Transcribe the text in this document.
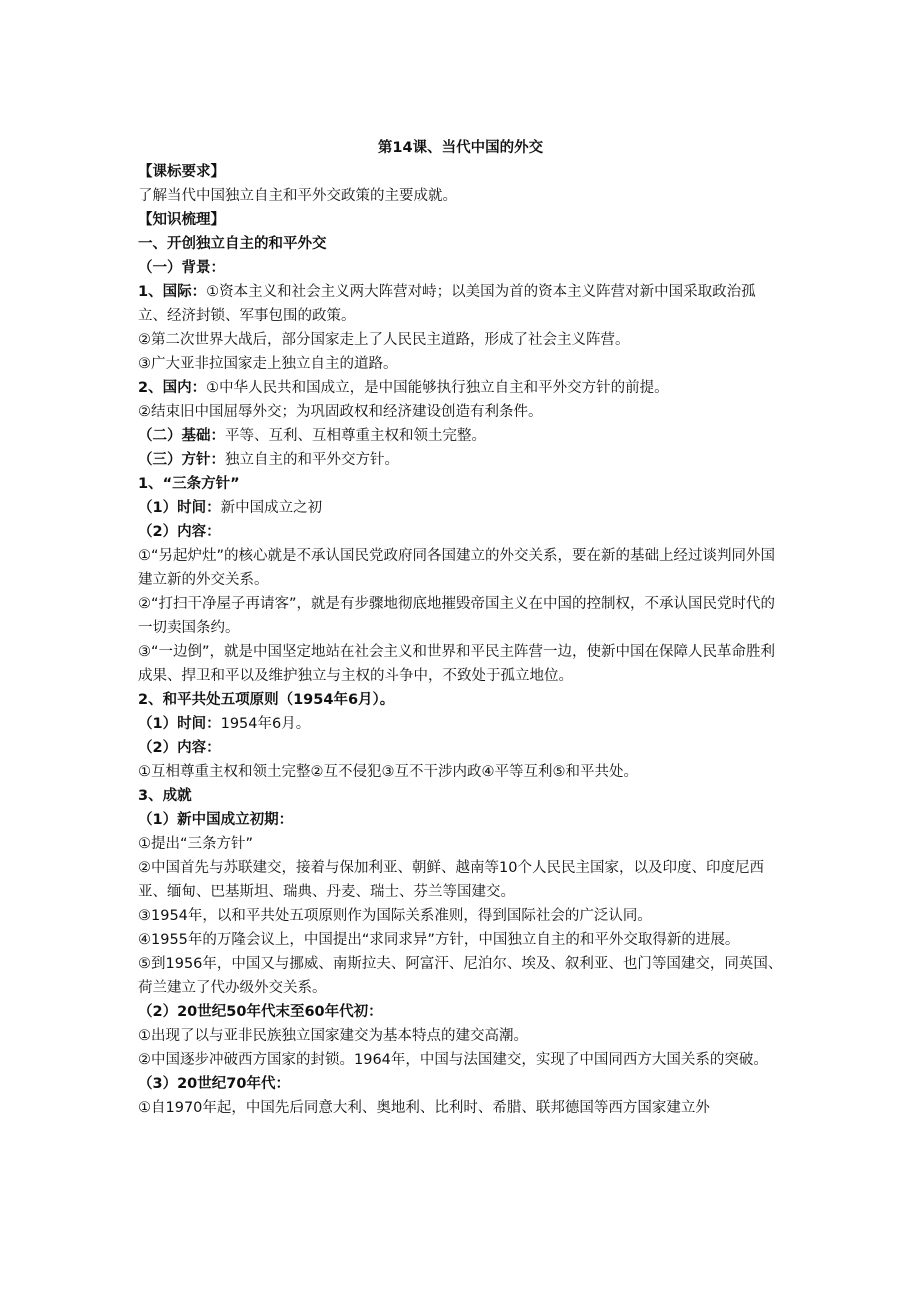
第14课、当代中国的外交
【课标要求】
了解当代中国独立自主和平外交政策的主要成就。
【知识梳理】
一、开创独立自主的和平外交
（一）背景：
1、国际：①资本主义和社会主义两大阵营对峙；以美国为首的资本主义阵营对新中国采取政治孤立、经济封锁、军事包围的政策。
②第二次世界大战后，部分国家走上了人民民主道路，形成了社会主义阵营。
③广大亚非拉国家走上独立自主的道路。
2、国内：①中华人民共和国成立，是中国能够执行独立自主和平外交方针的前提。
②结束旧中国屈辱外交；为巩固政权和经济建设创造有利条件。
（二）基础：平等、互利、互相尊重主权和领土完整。
（三）方针：独立自主的和平外交方针。
1、“三条方针”
（1）时间：新中国成立之初
（2）内容：
①“另起炉灶”的核心就是不承认国民党政府同各国建立的外交关系，要在新的基础上经过谈判同外国建立新的外交关系。
②“打扫干净屋子再请客”，就是有步骤地彻底地摧毁帝国主义在中国的控制权，不承认国民党时代的一切卖国条约。
③“一边倒”，就是中国坚定地站在社会主义和世界和平民主阵营一边，使新中国在保障人民革命胜利成果、捍卫和平以及维护独立与主权的斗争中，不致处于孤立地位。
2、和平共处五项原则（1954年6月）。
（1）时间：1954年6月。
（2）内容：
①互相尊重主权和领土完整②互不侵犯③互不干涉内政④平等互利⑤和平共处。
3、成就
（1）新中国成立初期：
①提出“三条方针”
②中国首先与苏联建交，接着与保加利亚、朝鲜、越南等10个人民民主国家，以及印度、印度尼西亚、缅甸、巴基斯坦、瑞典、丹麦、瑞士、芬兰等国建交。
③1954年，以和平共处五项原则作为国际关系准则，得到国际社会的广泛认同。
④1955年的万隆会议上，中国提出“求同求异”方针，中国独立自主的和平外交取得新的进展。
⑤到1956年，中国又与挪威、南斯拉夫、阿富汗、尼泊尔、埃及、叙利亚、也门等国建交，同英国、荷兰建立了代办级外交关系。
（2）20世纪50年代末至60年代初：
①出现了以与亚非民族独立国家建交为基本特点的建交高潮。
②中国逐步冲破西方国家的封锁。1964年，中国与法国建交，实现了中国同西方大国关系的突破。
（3）20世纪70年代：
①自1970年起，中国先后同意大利、奥地利、比利时、希腊、联邦德国等西方国家建立外
